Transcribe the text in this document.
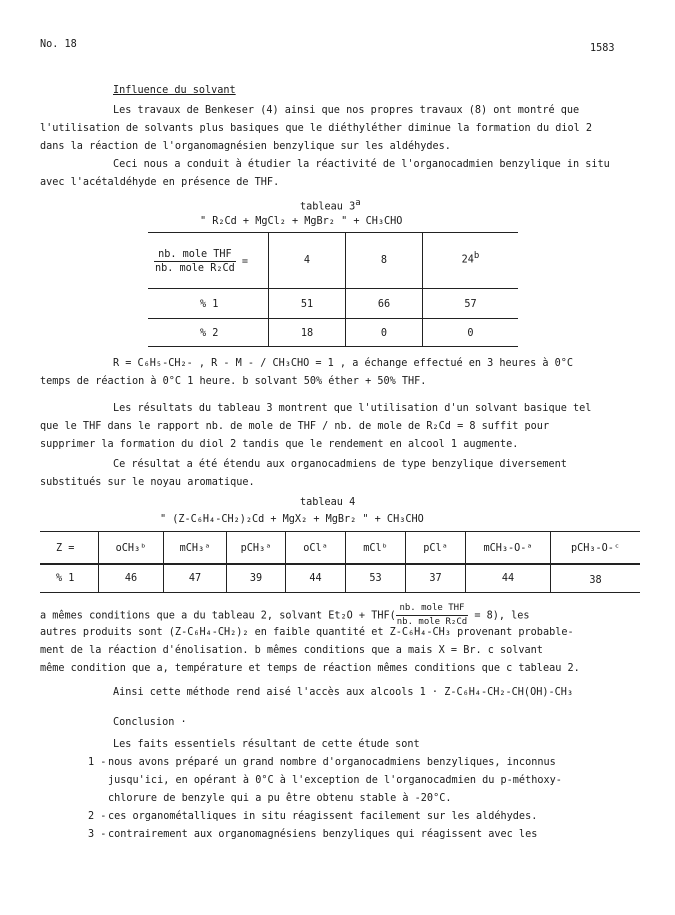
No. 18	1583
Influence du solvant
Les travaux de Benkeser (4) ainsi que nos propres travaux (8) ont montré que
l'utilisation de solvants plus basiques que le diéthyléther diminue la formation du diol 2
dans la réaction de l'organomagnésien benzylique sur les aldéhydes.
Ceci nous a conduit à étudier la réactivité de l'organocadmien benzylique in situ
avec l'acétaldéhyde en présence de THF.
tableau 3$^a$
" R₂Cd + MgCl₂ + MgBr₂ " + CH₃CHO
$\frac{\text{nb. mole THF}}{\text{nb. mole R₂Cd}}$ =	4	8	24$^b$
% 1	51	66	57
% 2	18	0	0
R = C₆H₅-CH₂- , R - M - / CH₃CHO = 1 , a échange effectué en 3 heures à 0°C
temps de réaction à 0°C 1 heure. b solvant 50% éther + 50% THF.
Les résultats du tableau 3 montrent que l'utilisation d'un solvant basique tel
que le THF dans le rapport nb. de mole de THF / nb. de mole de R₂Cd = 8 suffit pour
supprimer la formation du diol 2 tandis que le rendement en alcool 1 augmente.
Ce résultat a été étendu aux organocadmiens de type benzylique diversement
substitués sur le noyau aromatique.
tableau 4
" (Z-C₆H₄-CH₂)₂Cd + MgX₂ + MgBr₂ " + CH₃CHO
Z =	oCH₃ᵇ	mCH₃ᵃ	pCH₃ᵃ	oClᵃ	mClᵇ	pClᵃ	mCH₃-O-ᵃ	pCH₃-O-ᶜ
% 1	46	47	39	44	53	37	44	38
a mêmes conditions que a du tableau 2, solvant $Et_2O + THF( \frac{\text{nb. mole THF}}{\text{nb. mole R₂Cd}} = 8)$, les
autres produits sont (Z-C₆H₄-CH₂)₂ en faible quantité et Z-C₆H₄-CH₃ provenant probable-
ment de la réaction d'énolisation. b mêmes conditions que a mais X = Br. c solvant
même condition que a, température et temps de réaction mêmes conditions que c tableau 2.
Ainsi cette méthode rend aisé l'accès aux alcools 1 · Z-C₆H₄-CH₂-CH(OH)-CH₃
Conclusion ·
Les faits essentiels résultant de cette étude sont
1 - nous avons préparé un grand nombre d'organocadmiens benzyliques, inconnus
jusqu'ici, en opérant à 0°C à l'exception de l'organocadmien du p-méthoxy-
chlorure de benzyle qui a pu être obtenu stable à -20°C.
2 - ces organométalliques in situ réagissent facilement sur les aldéhydes.
3 - contrairement aux organomagnésiens benzyliques qui réagissent avec les
